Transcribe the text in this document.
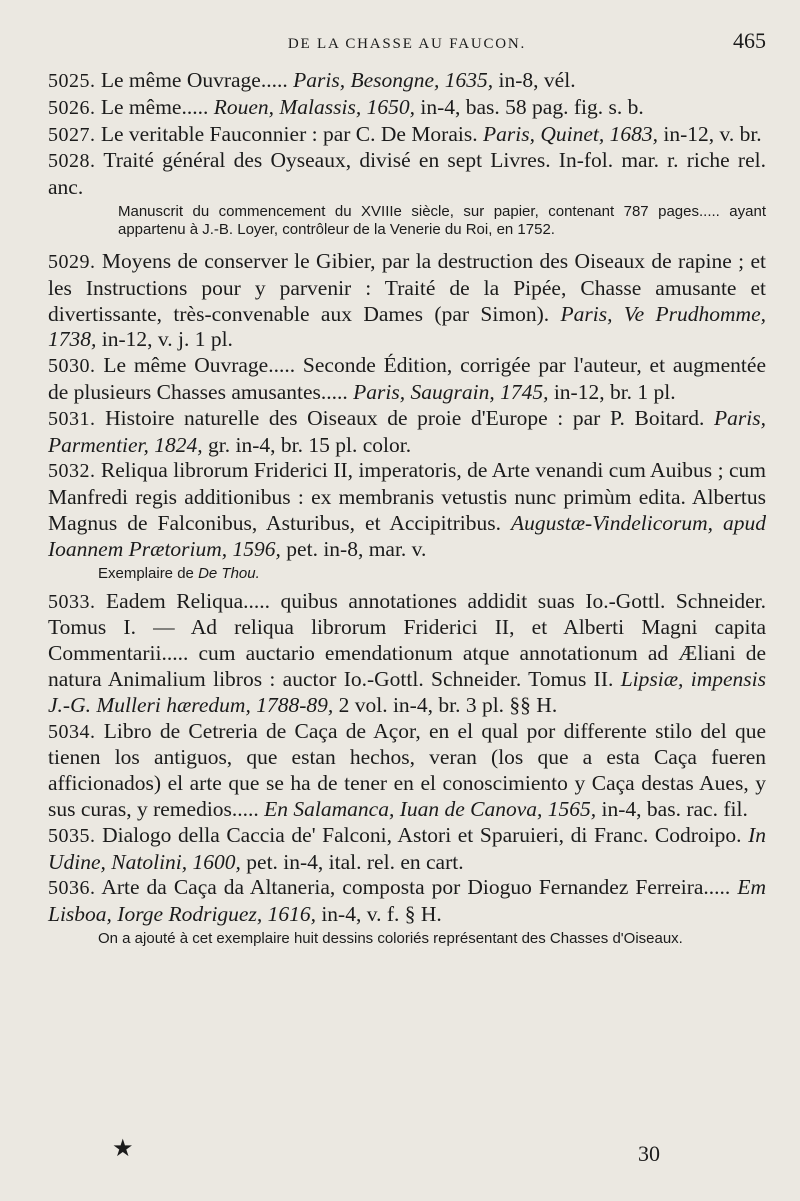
DE LA CHASSE AU FAUCON.	465

5025. Le même Ouvrage..... Paris, Besongne, 1635, in-8, vél.

5026. Le même..... Rouen, Malassis, 1650, in-4, bas. 58 pag. fig. s. b.

5027. Le veritable Fauconnier : par C. De Morais. Paris, Quinet, 1683, in-12, v. br.

5028. Traité général des Oyseaux, divisé en sept Livres. In-fol. mar. r. riche rel. anc.

Manuscrit du commencement du XVIIIe siècle, sur papier, contenant 787 pages..... ayant appartenu à J.-B. Loyer, contrôleur de la Venerie du Roi, en 1752.

5029. Moyens de conserver le Gibier, par la destruction des Oiseaux de rapine ; et les Instructions pour y parvenir : Traité de la Pipée, Chasse amusante et divertissante, très-convenable aux Dames (par Simon). Paris, Ve Prudhomme, 1738, in-12, v. j. 1 pl.

5030. Le même Ouvrage..... Seconde Édition, corrigée par l'auteur, et augmentée de plusieurs Chasses amusantes..... Paris, Saugrain, 1745, in-12, br. 1 pl.

5031. Histoire naturelle des Oiseaux de proie d'Europe : par P. Boitard. Paris, Parmentier, 1824, gr. in-4, br. 15 pl. color.

5032. Reliqua librorum Friderici II, imperatoris, de Arte venandi cum Auibus ; cum Manfredi regis additionibus : ex membranis vetustis nunc primùm edita. Albertus Magnus de Falconibus, Asturibus, et Accipitribus. Augustæ-Vindelicorum, apud Ioannem Prætorium, 1596, pet. in-8, mar. v.

Exemplaire de De Thou.

5033. Eadem Reliqua..... quibus annotationes addidit suas Io.-Gottl. Schneider. Tomus I. — Ad reliqua librorum Friderici II, et Alberti Magni capita Commentarii..... cum auctario emendationum atque annotationum ad Æliani de natura Animalium libros : auctor Io.-Gottl. Schneider. Tomus II. Lipsiæ, impensis J.-G. Mulleri hæredum, 1788-89, 2 vol. in-4, br. 3 pl. §§ H.

5034. Libro de Cetreria de Caça de Açor, en el qual por differente stilo del que tienen los antiguos, que estan hechos, veran (los que a esta Caça fueren afficionados) el arte que se ha de tener en el conoscimiento y Caça destas Aues, y sus curas, y remedios..... En Salamanca, Iuan de Canova, 1565, in-4, bas. rac. fil.

5035. Dialogo della Caccia de' Falconi, Astori et Sparuieri, di Franc. Codroipo. In Udine, Natolini, 1600, pet. in-4, ital. rel. en cart.

5036. Arte da Caça da Altaneria, composta por Dioguo Fernandez Ferreira..... Em Lisboa, Iorge Rodriguez, 1616, in-4, v. f. § H.

On a ajouté à cet exemplaire huit dessins coloriés représentant des Chasses d'Oiseaux.

★	30
